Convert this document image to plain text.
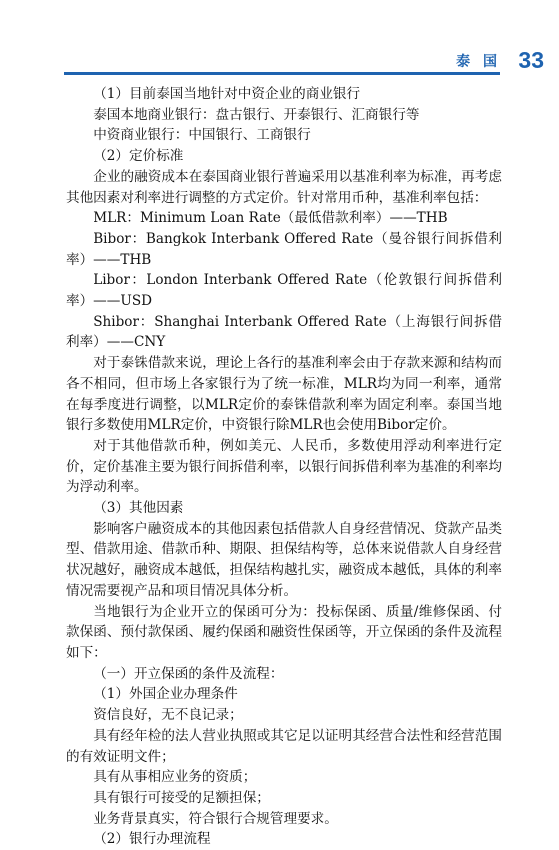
泰 国 33

（1）目前泰国当地针对中资企业的商业银行

泰国本地商业银行：盘古银行、开泰银行、汇商银行等

中资商业银行：中国银行、工商银行

（2）定价标准

企业的融资成本在泰国商业银行普遍采用以基准利率为标准，再考虑其他因素对利率进行调整的方式定价。针对常用币种，基准利率包括：

MLR：Minimum Loan Rate（最低借款利率）——THB

Bibor：Bangkok Interbank Offered Rate（曼谷银行间拆借利率）——THB

Libor：London Interbank Offered Rate（伦敦银行间拆借利率）——USD

Shibor：Shanghai Interbank Offered Rate（上海银行间拆借利率）——CNY

对于泰铢借款来说，理论上各行的基准利率会由于存款来源和结构而各不相同，但市场上各家银行为了统一标准，MLR均为同一利率，通常在每季度进行调整，以MLR定价的泰铢借款利率为固定利率。泰国当地银行多数使用MLR定价，中资银行除MLR也会使用Bibor定价。

对于其他借款币种，例如美元、人民币，多数使用浮动利率进行定价，定价基准主要为银行间拆借利率，以银行间拆借利率为基准的利率均为浮动利率。

（3）其他因素

影响客户融资成本的其他因素包括借款人自身经营情况、贷款产品类型、借款用途、借款币种、期限、担保结构等，总体来说借款人自身经营状况越好，融资成本越低，担保结构越扎实，融资成本越低，具体的利率情况需要视产品和项目情况具体分析。

当地银行为企业开立的保函可分为：投标保函、质量/维修保函、付款保函、预付款保函、履约保函和融资性保函等，开立保函的条件及流程如下：

（一）开立保函的条件及流程：

（1）外国企业办理条件

资信良好，无不良记录；

具有经年检的法人营业执照或其它足以证明其经营合法性和经营范围的有效证明文件；

具有从事相应业务的资质；

具有银行可接受的足额担保；

业务背景真实，符合银行合规管理要求。

（2）银行办理流程
